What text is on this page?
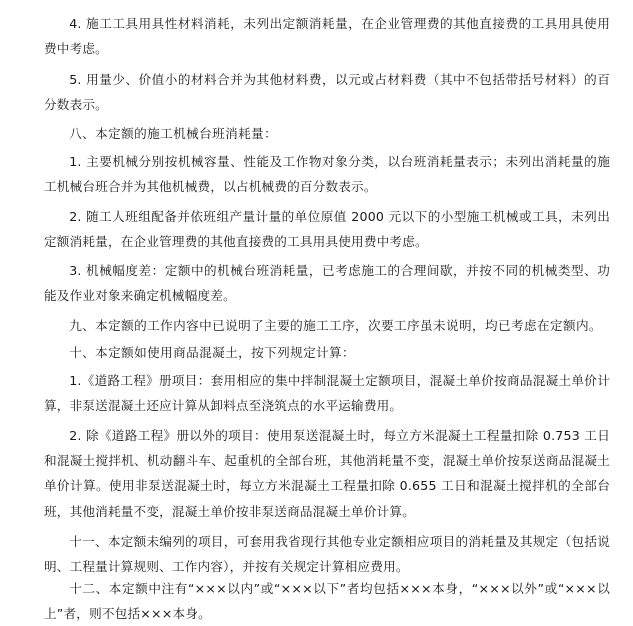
4. 施工工具用具性材料消耗，未列出定额消耗量，在企业管理费的其他直接费的工具用具使用费中考虑。

5. 用量少、价值小的材料合并为其他材料费，以元或占材料费（其中不包括带括号材料）的百分数表示。

八、本定额的施工机械台班消耗量：

1. 主要机械分别按机械容量、性能及工作物对象分类，以台班消耗量表示；未列出消耗量的施工机械台班合并为其他机械费，以占机械费的百分数表示。

2. 随工人班组配备并依班组产量计量的单位原值 2000 元以下的小型施工机械或工具，未列出定额消耗量，在企业管理费的其他直接费的工具用具使用费中考虑。

3. 机械幅度差：定额中的机械台班消耗量，已考虑施工的合理间歇，并按不同的机械类型、功能及作业对象来确定机械幅度差。

九、本定额的工作内容中已说明了主要的施工工序，次要工序虽未说明，均已考虑在定额内。

十、本定额如使用商品混凝土，按下列规定计算：

1.《道路工程》册项目：套用相应的集中拌制混凝土定额项目，混凝土单价按商品混凝土单价计算，非泵送混凝土还应计算从卸料点至浇筑点的水平运输费用。

2. 除《道路工程》册以外的项目：使用泵送混凝土时，每立方米混凝土工程量扣除 0.753 工日和混凝土搅拌机、机动翻斗车、起重机的全部台班，其他消耗量不变，混凝土单价按泵送商品混凝土单价计算。使用非泵送混凝土时，每立方米混凝土工程量扣除 0.655 工日和混凝土搅拌机的全部台班，其他消耗量不变，混凝土单价按非泵送商品混凝土单价计算。

十一、本定额未编列的项目，可套用我省现行其他专业定额相应项目的消耗量及其规定（包括说明、工程量计算规则、工作内容），并按有关规定计算相应费用。

十二、本定额中注有“×××以内”或“×××以下”者均包括×××本身，“×××以外”或“×××以上”者，则不包括×××本身。
